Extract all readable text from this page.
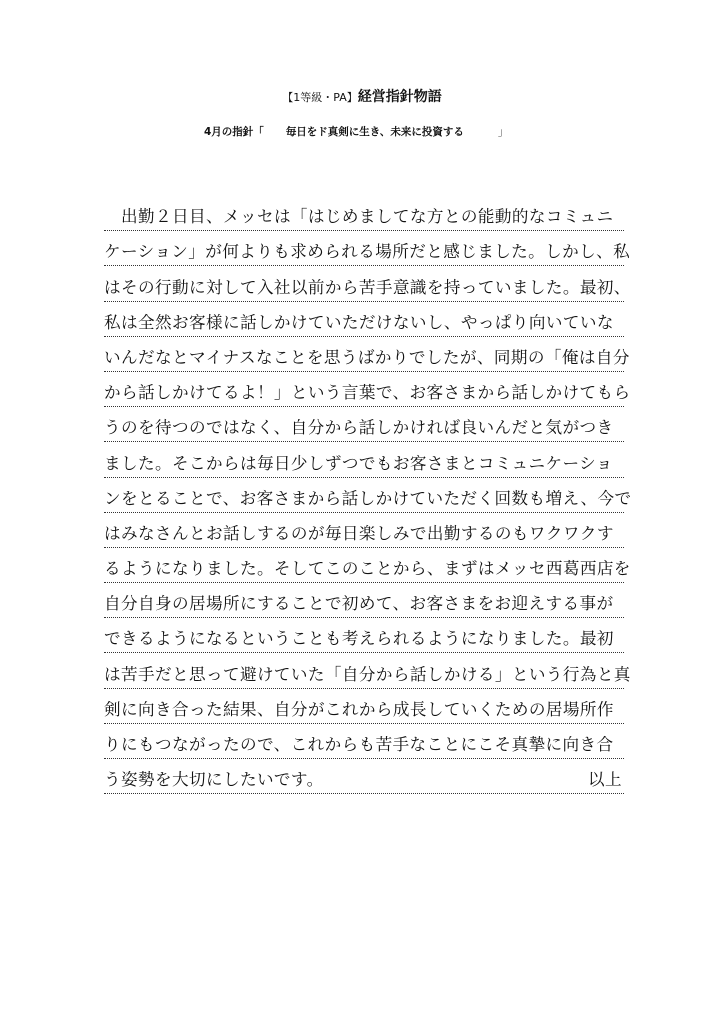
【1等級・PA】経営指針物語
4月の指針「 毎日をド真剣に生き、未来に投資する	」
出勤２日目、メッセは「はじめましてな方との能動的なコミュニ
ケーション」が何よりも求められる場所だと感じました。しかし、私
はその行動に対して入社以前から苦手意識を持っていました。最初、
私は全然お客様に話しかけていただけないし、やっぱり向いていな
いんだなとマイナスなことを思うばかりでしたが、同期の「俺は自分
から話しかけてるよ！」という言葉で、お客さまから話しかけてもら
うのを待つのではなく、自分から話しかければ良いんだと気がつき
ました。そこからは毎日少しずつでもお客さまとコミュニケーショ
ンをとることで、お客さまから話しかけていただく回数も増え、今で
はみなさんとお話しするのが毎日楽しみで出勤するのもワクワクす
るようになりました。そしてこのことから、まずはメッセ西葛西店を
自分自身の居場所にすることで初めて、お客さまをお迎えする事が
できるようになるということも考えられるようになりました。最初
は苦手だと思って避けていた「自分から話しかける」という行為と真
剣に向き合った結果、自分がこれから成長していくための居場所作
りにもつながったので、これからも苦手なことにこそ真摯に向き合
う姿勢を大切にしたいです。	以上
